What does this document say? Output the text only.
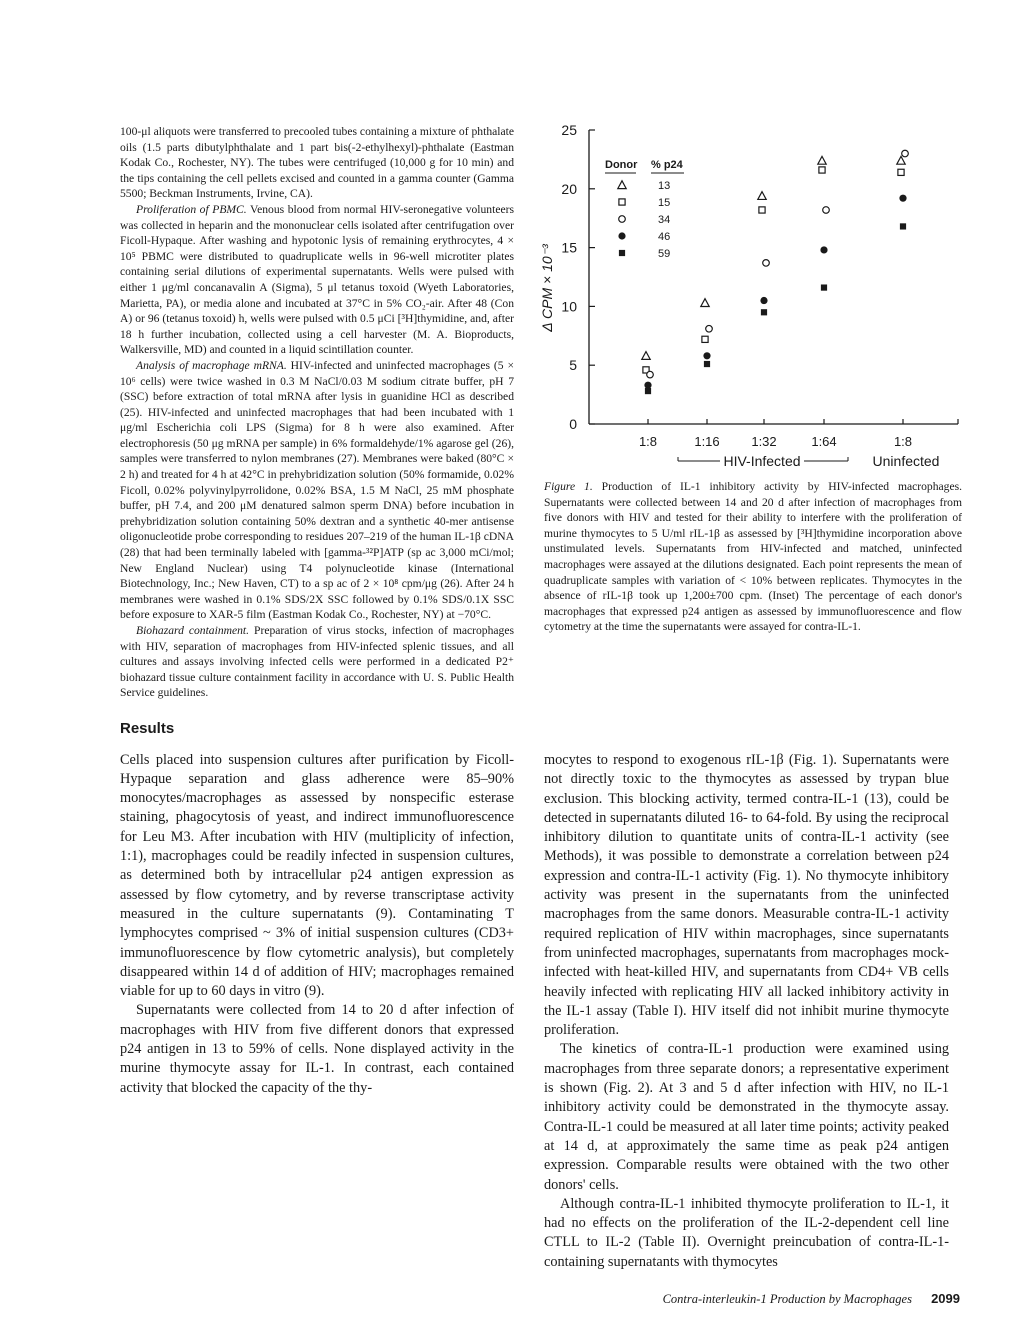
100-μl aliquots were transferred to precooled tubes containing a mixture of phthalate oils (1.5 parts dibutylphthalate and 1 part bis(-2-ethylhexyl)-phthalate (Eastman Kodak Co., Rochester, NY). The tubes were centrifuged (10,000 g for 10 min) and the tips containing the cell pellets excised and counted in a gamma counter (Gamma 5500; Beckman Instruments, Irvine, CA).

Proliferation of PBMC. Venous blood from normal HIV-seronegative volunteers was collected in heparin and the mononuclear cells isolated after centrifugation over Ficoll-Hypaque. After washing and hypotonic lysis of remaining erythrocytes, 4 × 10⁵ PBMC were distributed to quadruplicate wells in 96-well microtiter plates containing serial dilutions of experimental supernatants. Wells were pulsed with either 1 μg/ml concanavalin A (Sigma), 5 μl tetanus toxoid (Wyeth Laboratories, Marietta, PA), or media alone and incubated at 37°C in 5% CO₂-air. After 48 (Con A) or 96 (tetanus toxoid) h, wells were pulsed with 0.5 μCi [³H]thymidine, and, after 18 h further incubation, collected using a cell harvester (M. A. Bioproducts, Walkersville, MD) and counted in a liquid scintillation counter.

Analysis of macrophage mRNA. HIV-infected and uninfected macrophages (5 × 10⁶ cells) were twice washed in 0.3 M NaCl/0.03 M sodium citrate buffer, pH 7 (SSC) before extraction of total mRNA after lysis in guanidine HCl as described (25). HIV-infected and uninfected macrophages that had been incubated with 1 μg/ml Escherichia coli LPS (Sigma) for 8 h were also examined. After electrophoresis (50 μg mRNA per sample) in 6% formaldehyde/1% agarose gel (26), samples were transferred to nylon membranes (27). Membranes were baked (80°C × 2 h) and treated for 4 h at 42°C in prehybridization solution (50% formamide, 0.02% Ficoll, 0.02% polyvinylpyrrolidone, 0.02% BSA, 1.5 M NaCl, 25 mM phosphate buffer, pH 7.4, and 200 μM denatured salmon sperm DNA) before incubation in prehybridization solution containing 50% dextran and a synthetic 40-mer antisense oligonucleotide probe corresponding to residues 207–219 of the human IL-1β cDNA (28) that had been terminally labeled with [gamma-³²P]ATP (sp ac 3,000 mCi/mol; New England Nuclear) using T4 polynucleotide kinase (International Biotechnology, Inc.; New Haven, CT) to a sp ac of 2 × 10⁸ cpm/μg (26). After 24 h membranes were washed in 0.1% SDS/2X SSC followed by 0.1% SDS/0.1X SSC before exposure to XAR-5 film (Eastman Kodak Co., Rochester, NY) at −70°C.

Biohazard containment. Preparation of virus stocks, infection of macrophages with HIV, separation of macrophages from HIV-infected splenic tissues, and all cultures and assays involving infected cells were performed in a dedicated P2⁺ biohazard tissue culture containment facility in accordance with U. S. Public Health Service guidelines.

Results

Cells placed into suspension cultures after purification by Ficoll-Hypaque separation and glass adherence were 85–90% monocytes/macrophages as assessed by nonspecific esterase staining, phagocytosis of yeast, and indirect immunofluorescence for Leu M3. After incubation with HIV (multiplicity of infection, 1:1), macrophages could be readily infected in suspension cultures, as determined both by intracellular p24 antigen expression as assessed by flow cytometry, and by reverse transcriptase activity measured in the culture supernatants (9). Contaminating T lymphocytes comprised ~ 3% of initial suspension cultures (CD3+ immunofluorescence by flow cytometric analysis), but completely disappeared within 14 d of addition of HIV; macrophages remained viable for up to 60 days in vitro (9).

Supernatants were collected from 14 to 20 d after infection of macrophages with HIV from five different donors that expressed p24 antigen in 13 to 59% of cells. None displayed activity in the murine thymocyte assay for IL-1. In contrast, each contained activity that blocked the capacity of the thy-

Δ CPM × 10⁻³
HIV-Infected	Uninfected
Donor % p24
0
5
10
15
20
25
1:8	1:16 1:32	1:64	1:8
13
15
34
46
59

Figure 1. Production of IL-1 inhibitory activity by HIV-infected macrophages. Supernatants were collected between 14 and 20 d after infection of macrophages from five donors with HIV and tested for their ability to interfere with the proliferation of murine thymocytes to 5 U/ml rIL-1β as assessed by [³H]thymidine incorporation above unstimulated levels. Supernatants from HIV-infected and matched, uninfected macrophages were assayed at the dilutions designated. Each point represents the mean of quadruplicate samples with variation of < 10% between replicates. Thymocytes in the absence of rIL-1β took up 1,200±700 cpm. (Inset) The percentage of each donor's macrophages that expressed p24 antigen as assessed by immunofluorescence and flow cytometry at the time the supernatants were assayed for contra-IL-1.

mocytes to respond to exogenous rIL-1β (Fig. 1). Supernatants were not directly toxic to the thymocytes as assessed by trypan blue exclusion. This blocking activity, termed contra-IL-1 (13), could be detected in supernatants diluted 16- to 64-fold. By using the reciprocal inhibitory dilution to quantitate units of contra-IL-1 activity (see Methods), it was possible to demonstrate a correlation between p24 expression and contra-IL-1 activity (Fig. 1). No thymocyte inhibitory activity was present in the supernatants from the uninfected macrophages from the same donors. Measurable contra-IL-1 activity required replication of HIV within macrophages, since supernatants from uninfected macrophages, supernatants from macrophages mock-infected with heat-killed HIV, and supernatants from CD4+ VB cells heavily infected with replicating HIV all lacked inhibitory activity in the IL-1 assay (Table I). HIV itself did not inhibit murine thymocyte proliferation.

The kinetics of contra-IL-1 production were examined using macrophages from three separate donors; a representative experiment is shown (Fig. 2). At 3 and 5 d after infection with HIV, no IL-1 inhibitory activity could be demonstrated in the thymocyte assay. Contra-IL-1 could be measured at all later time points; activity peaked at 14 d, at approximately the same time as peak p24 antigen expression. Comparable results were obtained with the two other donors' cells.

Although contra-IL-1 inhibited thymocyte proliferation to IL-1, it had no effects on the proliferation of the IL-2-dependent cell line CTLL to IL-2 (Table II). Overnight preincubation of contra-IL-1-containing supernatants with thymocytes

Contra-interleukin-1 Production by Macrophages 2099
